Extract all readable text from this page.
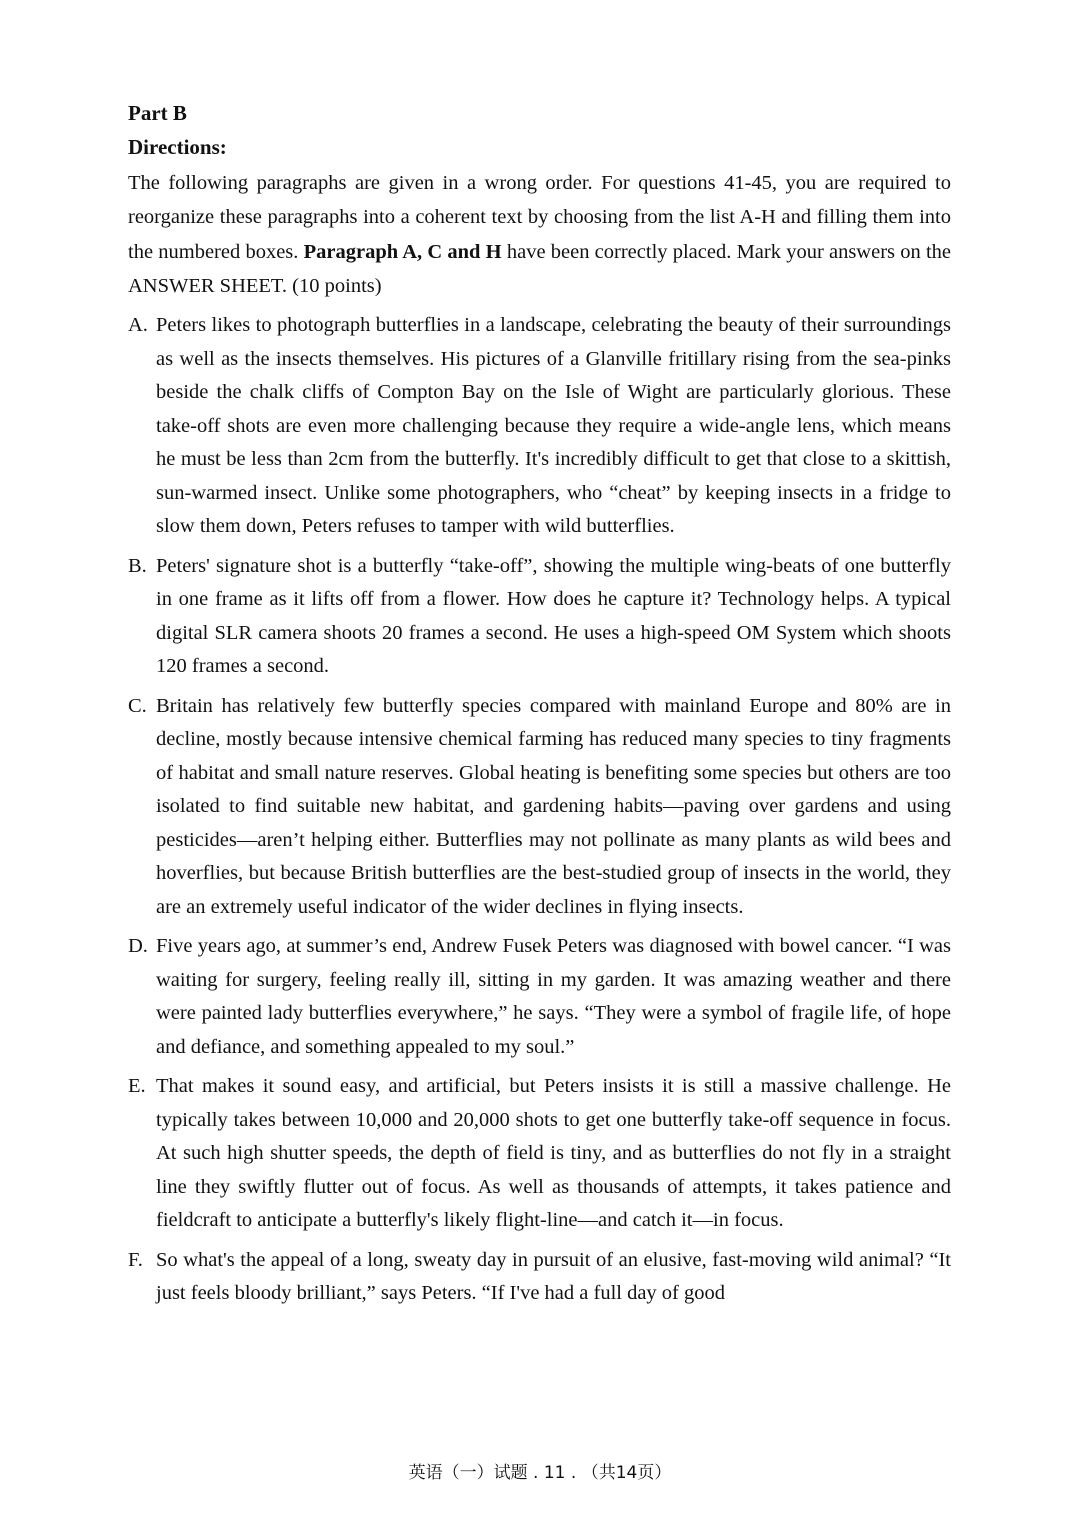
Part B

Directions:

The following paragraphs are given in a wrong order. For questions 41-45, you are required to reorganize these paragraphs into a coherent text by choosing from the list A-H and filling them into the numbered boxes. Paragraph A, C and H have been correctly placed. Mark your answers on the ANSWER SHEET. (10 points)

A. Peters likes to photograph butterflies in a landscape, celebrating the beauty of their surroundings as well as the insects themselves. His pictures of a Glanville fritillary rising from the sea-pinks beside the chalk cliffs of Compton Bay on the Isle of Wight are particularly glorious. These take-off shots are even more challenging because they require a wide-angle lens, which means he must be less than 2cm from the butterfly. It's incredibly difficult to get that close to a skittish, sun-warmed insect. Unlike some photographers, who “cheat” by keeping insects in a fridge to slow them down, Peters refuses to tamper with wild butterflies.

B. Peters' signature shot is a butterfly “take-off”, showing the multiple wing-beats of one butterfly in one frame as it lifts off from a flower. How does he capture it? Technology helps. A typical digital SLR camera shoots 20 frames a second. He uses a high-speed OM System which shoots 120 frames a second.

C. Britain has relatively few butterfly species compared with mainland Europe and 80% are in decline, mostly because intensive chemical farming has reduced many species to tiny fragments of habitat and small nature reserves. Global heating is benefiting some species but others are too isolated to find suitable new habitat, and gardening habits—paving over gardens and using pesticides—aren’t helping either. Butterflies may not pollinate as many plants as wild bees and hoverflies, but because British butterflies are the best-studied group of insects in the world, they are an extremely useful indicator of the wider declines in flying insects.

D. Five years ago, at summer’s end, Andrew Fusek Peters was diagnosed with bowel cancer. “I was waiting for surgery, feeling really ill, sitting in my garden. It was amazing weather and there were painted lady butterflies everywhere,” he says. “They were a symbol of fragile life, of hope and defiance, and something appealed to my soul.”

E. That makes it sound easy, and artificial, but Peters insists it is still a massive challenge. He typically takes between 10,000 and 20,000 shots to get one butterfly take-off sequence in focus. At such high shutter speeds, the depth of field is tiny, and as butterflies do not fly in a straight line they swiftly flutter out of focus. As well as thousands of attempts, it takes patience and fieldcraft to anticipate a butterfly's likely flight-line—and catch it—in focus.

F. So what's the appeal of a long, sweaty day in pursuit of an elusive, fast-moving wild animal? “It just feels bloody brilliant,” says Peters. “If I've had a full day of good

英语（一）试题 . 11 . （共14页）
